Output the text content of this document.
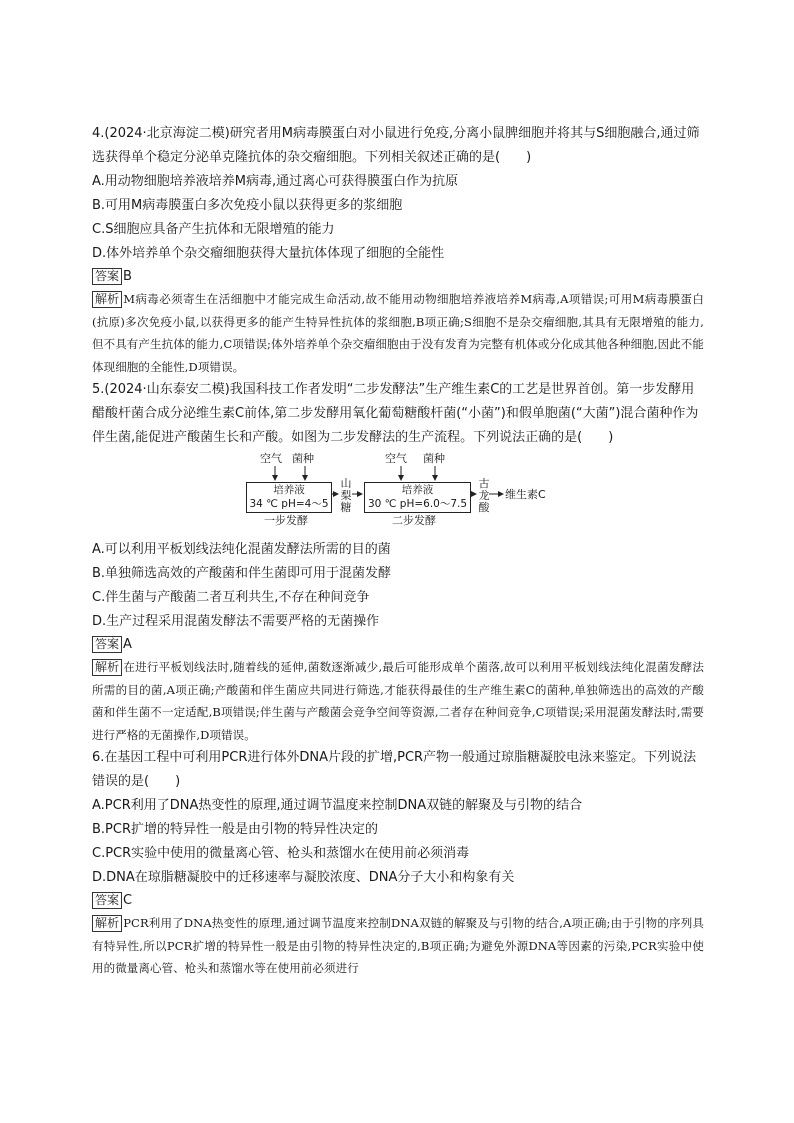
4.(2024·北京海淀二模)研究者用M病毒膜蛋白对小鼠进行免疫,分离小鼠脾细胞并将其与S细胞融合,通过筛选获得单个稳定分泌单克隆抗体的杂交瘤细胞。下列相关叙述正确的是(　　)

A.用动物细胞培养液培养M病毒,通过离心可获得膜蛋白作为抗原

B.可用M病毒膜蛋白多次免疫小鼠以获得更多的浆细胞

C.S细胞应具备产生抗体和无限增殖的能力

D.体外培养单个杂交瘤细胞获得大量抗体体现了细胞的全能性

答案 B

解析 M病毒必须寄生在活细胞中才能完成生命活动,故不能用动物细胞培养液培养M病毒,A项错误;可用M病毒膜蛋白(抗原)多次免疫小鼠,以获得更多的能产生特异性抗体的浆细胞,B项正确;S细胞不是杂交瘤细胞,其具有无限增殖的能力,但不具有产生抗体的能力,C项错误;体外培养单个杂交瘤细胞由于没有发育为完整有机体或分化成其他各种细胞,因此不能体现细胞的全能性,D项错误。

5.(2024·山东泰安二模)我国科技工作者发明“二步发酵法”生产维生素C的工艺是世界首创。第一步发酵用醋酸杆菌合成分泌维生素C前体,第二步发酵用氧化葡萄糖酸杆菌(“小菌”)和假单胞菌(“大菌”)混合菌种作为伴生菌,能促进产酸菌生长和产酸。如图为二步发酵法的生产流程。下列说法正确的是(　　)

空气 菌种
培养液
34 ℃ pH=4～5
一步发酵
山
梨
糖
空气 菌种
培养液
30 ℃ pH=6.0～7.5
二步发酵
古
龙
酸
维生素C

A.可以利用平板划线法纯化混菌发酵法所需的目的菌

B.单独筛选高效的产酸菌和伴生菌即可用于混菌发酵

C.伴生菌与产酸菌二者互利共生,不存在种间竞争

D.生产过程采用混菌发酵法不需要严格的无菌操作

答案 A

解析 在进行平板划线法时,随着线的延伸,菌数逐渐减少,最后可能形成单个菌落,故可以利用平板划线法纯化混菌发酵法所需的目的菌,A项正确;产酸菌和伴生菌应共同进行筛选,才能获得最佳的生产维生素C的菌种,单独筛选出的高效的产酸菌和伴生菌不一定适配,B项错误;伴生菌与产酸菌会竞争空间等资源,二者存在种间竞争,C项错误;采用混菌发酵法时,需要进行严格的无菌操作,D项错误。

6.在基因工程中可利用PCR进行体外DNA片段的扩增,PCR产物一般通过琼脂糖凝胶电泳来鉴定。下列说法错误的是(　　)

A.PCR利用了DNA热变性的原理,通过调节温度来控制DNA双链的解聚及与引物的结合

B.PCR扩增的特异性一般是由引物的特异性决定的

C.PCR实验中使用的微量离心管、枪头和蒸馏水在使用前必须消毒

D.DNA在琼脂糖凝胶中的迁移速率与凝胶浓度、DNA分子大小和构象有关

答案 C

解析 PCR利用了DNA热变性的原理,通过调节温度来控制DNA双链的解聚及与引物的结合,A项正确;由于引物的序列具有特异性,所以PCR扩增的特异性一般是由引物的特异性决定的,B项正确;为避免外源DNA等因素的污染,PCR实验中使用的微量离心管、枪头和蒸馏水等在使用前必须进行
